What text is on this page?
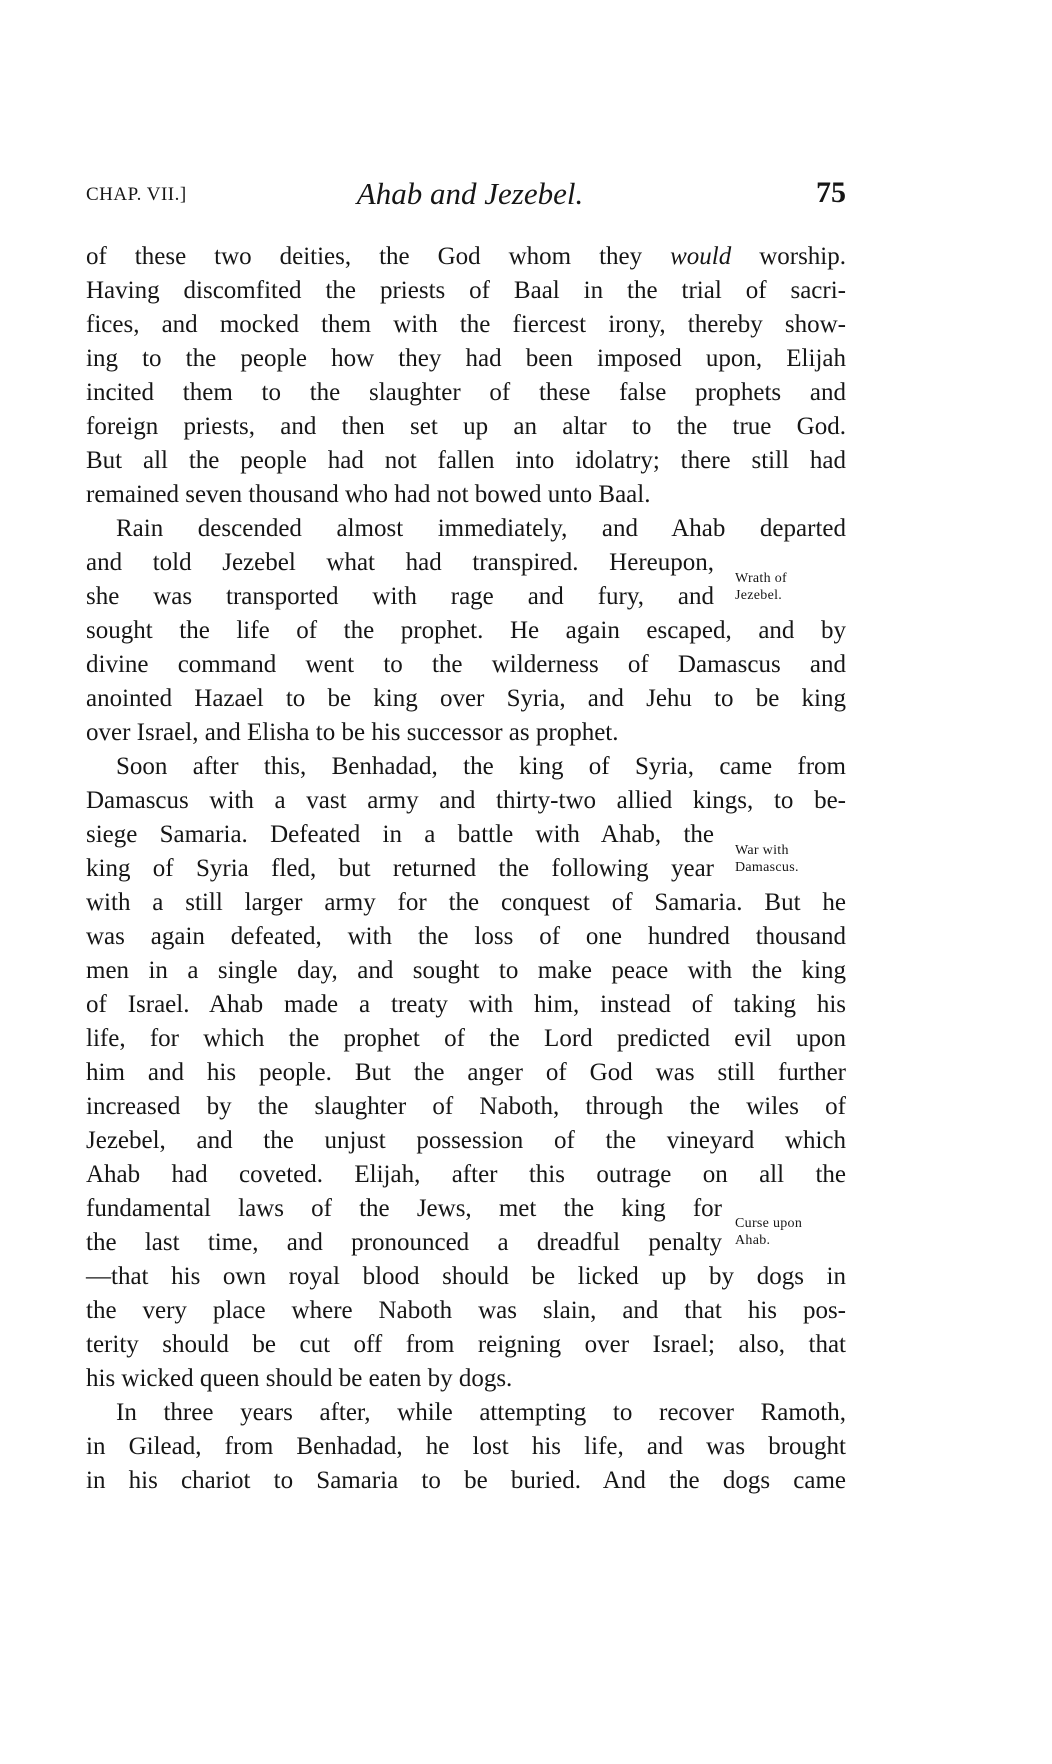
CHAP. VII.]	Ahab and Jezebel.	75
of these two deities, the God whom they would worship.
Having discomfited the priests of Baal in the trial of sacri-
fices, and mocked them with the fiercest irony, thereby show-
ing to the people how they had been imposed upon, Elijah
incited them to the slaughter of these false prophets and
foreign priests, and then set up an altar to the true God.
But all the people had not fallen into idolatry; there still had
remained seven thousand who had not bowed unto Baal.
Rain descended almost immediately, and Ahab departed
and told Jezebel what had transpired. Hereupon,
she was transported with rage and fury, and
sought the life of the prophet. He again escaped, and by
divine command went to the wilderness of Damascus and
anointed Hazael to be king over Syria, and Jehu to be king
over Israel, and Elisha to be his successor as prophet.
Soon after this, Benhadad, the king of Syria, came from
Damascus with a vast army and thirty-two allied kings, to be-
siege Samaria. Defeated in a battle with Ahab, the
king of Syria fled, but returned the following year
with a still larger army for the conquest of Samaria. But he
was again defeated, with the loss of one hundred thousand
men in a single day, and sought to make peace with the king
of Israel. Ahab made a treaty with him, instead of taking his
life, for which the prophet of the Lord predicted evil upon
him and his people. But the anger of God was still further
increased by the slaughter of Naboth, through the wiles of
Jezebel, and the unjust possession of the vineyard which
Ahab had coveted. Elijah, after this outrage on all the
fundamental laws of the Jews, met the king for
the last time, and pronounced a dreadful penalty
—that his own royal blood should be licked up by dogs in
the very place where Naboth was slain, and that his pos-
terity should be cut off from reigning over Israel; also, that
his wicked queen should be eaten by dogs.
In three years after, while attempting to recover Ramoth,
in Gilead, from Benhadad, he lost his life, and was brought
in his chariot to Samaria to be buried. And the dogs came
Wrath of
Jezebel.
War with
Damascus.
Curse upon
Ahab.
